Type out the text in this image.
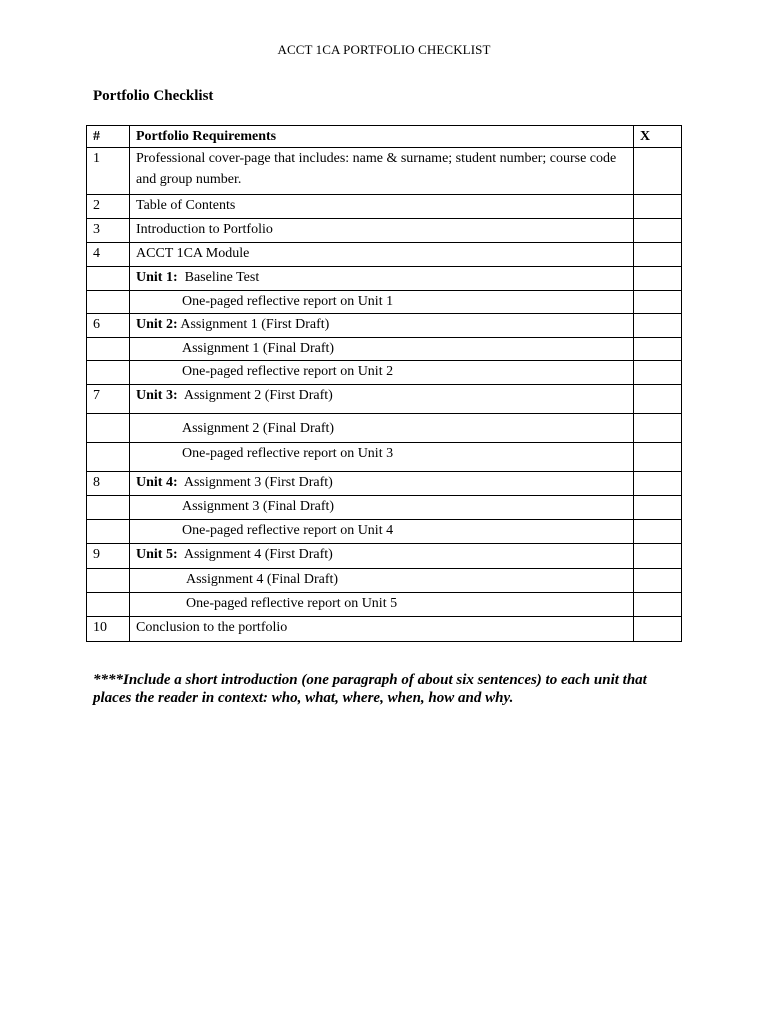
ACCT 1CA PORTFOLIO CHECKLIST
Portfolio Checklist
#	Portfolio Requirements	X
1	Professional cover-page that includes: name & surname; student number; course code and group number.	
2	Table of Contents	
3	Introduction to Portfolio	
4	ACCT 1CA Module	
	Unit 1:  Baseline Test	
	One-paged reflective report on Unit 1	
6	Unit 2: Assignment 1 (First Draft)	
	Assignment 1 (Final Draft)	
	One-paged reflective report on Unit 2	
7	Unit 3:  Assignment 2 (First Draft)	
	Assignment 2 (Final Draft)	
	One-paged reflective report on Unit 3	
8	Unit 4:  Assignment 3 (First Draft)	
	Assignment 3 (Final Draft)	
	One-paged reflective report on Unit 4	
9	Unit 5:  Assignment 4 (First Draft)	
	Assignment 4 (Final Draft)	
	One-paged reflective report on Unit 5	
10	Conclusion to the portfolio	
****Include a short introduction (one paragraph of about six sentences) to each unit that places the reader in context: who, what, where, when, how and why.
